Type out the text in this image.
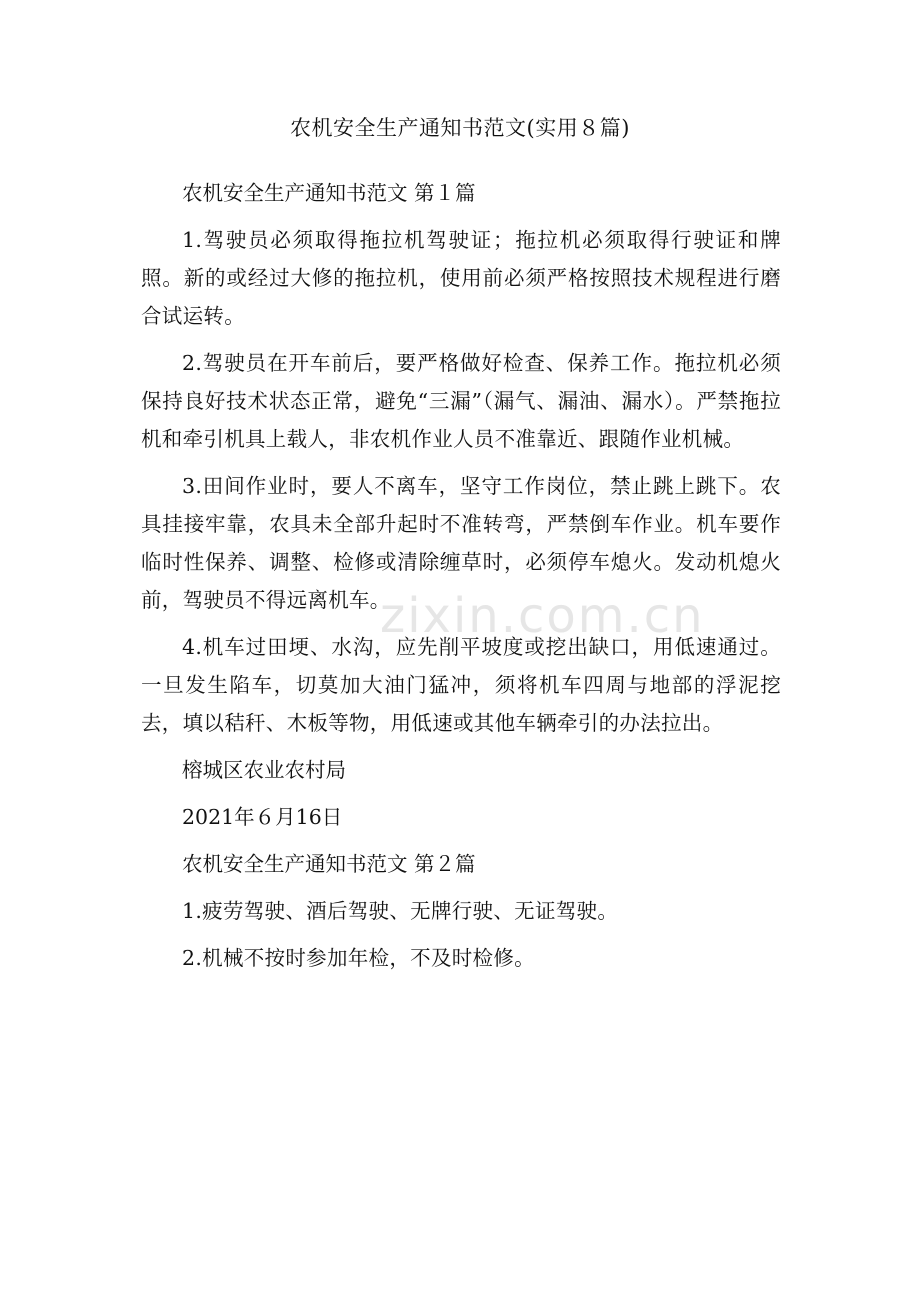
zixin.com.cn
农机安全生产通知书范文(实用８篇)

农机安全生产通知书范文 第１篇

1.驾驶员必须取得拖拉机驾驶证；拖拉机必须取得行驶证和牌照。新的或经过大修的拖拉机，使用前必须严格按照技术规程进行磨合试运转。

2.驾驶员在开车前后，要严格做好检查、保养工作。拖拉机必须保持良好技术状态正常，避免“三漏”（漏气、漏油、漏水）。严禁拖拉机和牵引机具上载人，非农机作业人员不准靠近、跟随作业机械。

3.田间作业时，要人不离车，坚守工作岗位，禁止跳上跳下。农具挂接牢靠，农具未全部升起时不准转弯，严禁倒车作业。机车要作临时性保养、调整、检修或清除缠草时，必须停车熄火。发动机熄火前，驾驶员不得远离机车。

4.机车过田埂、水沟，应先削平坡度或挖出缺口，用低速通过。一旦发生陷车，切莫加大油门猛冲，须将机车四周与地部的浮泥挖去，填以秸秆、木板等物，用低速或其他车辆牵引的办法拉出。

榕城区农业农村局

2021年６月16日

农机安全生产通知书范文 第２篇

1.疲劳驾驶、酒后驾驶、无牌行驶、无证驾驶。

2.机械不按时参加年检，不及时检修。
